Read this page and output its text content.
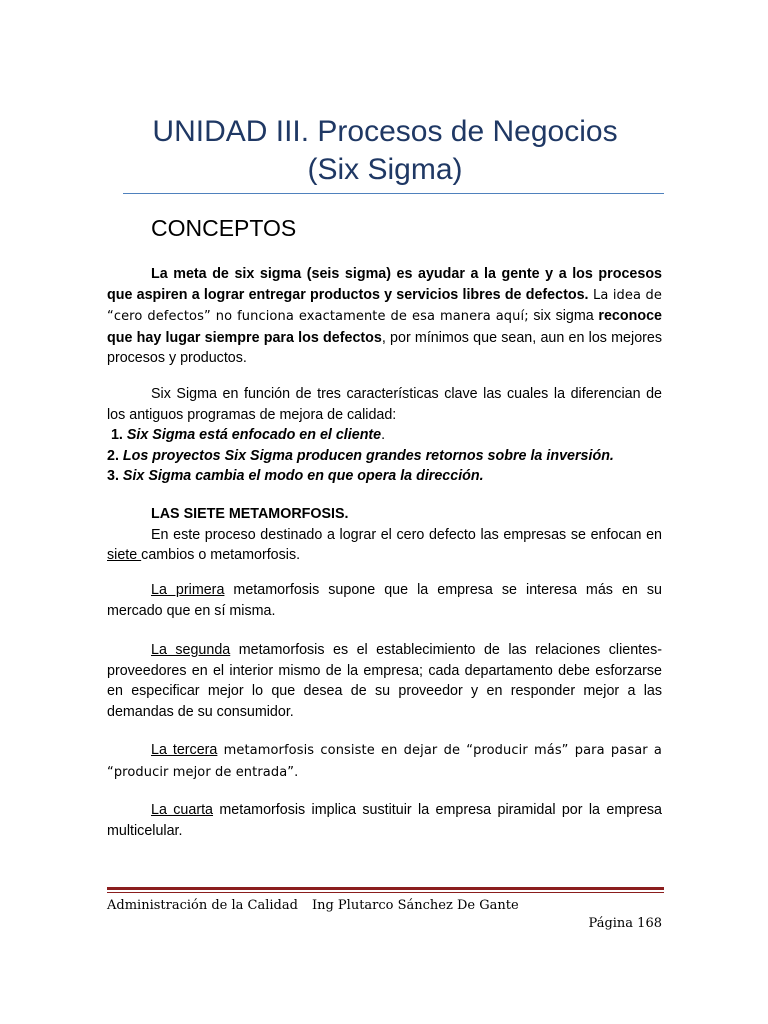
UNIDAD III. Procesos de Negocios
(Six Sigma)
CONCEPTOS

La meta de six sigma (seis sigma) es ayudar a la gente y a los procesos que aspiren a lograr entregar productos y servicios libres de defectos. La idea de “cero defectos” no funciona exactamente de esa manera aquí; six sigma reconoce que hay lugar siempre para los defectos, por mínimos que sean, aun en los mejores procesos y productos.

Six Sigma en función de tres características clave las cuales la diferencian de los antiguos programas de mejora de calidad:

1. Six Sigma está enfocado en el cliente.

2. Los proyectos Six Sigma producen grandes retornos sobre la inversión.

3. Six Sigma cambia el modo en que opera la dirección.

LAS SIETE METAMORFOSIS.

En este proceso destinado a lograr el cero defecto las empresas se enfocan en siete cambios o metamorfosis.

La primera metamorfosis supone que la empresa se interesa más en su mercado que en sí misma.

La segunda metamorfosis es el establecimiento de las relaciones clientes-proveedores en el interior mismo de la empresa; cada departamento debe esforzarse en especificar mejor lo que desea de su proveedor y en responder mejor a las demandas de su consumidor.

La tercera metamorfosis consiste en dejar de “producir más” para pasar a “producir mejor de entrada”.

La cuarta metamorfosis implica sustituir la empresa piramidal por la empresa multicelular.

Administración de la Calidad Ing Plutarco Sánchez De Gante
Página 168
